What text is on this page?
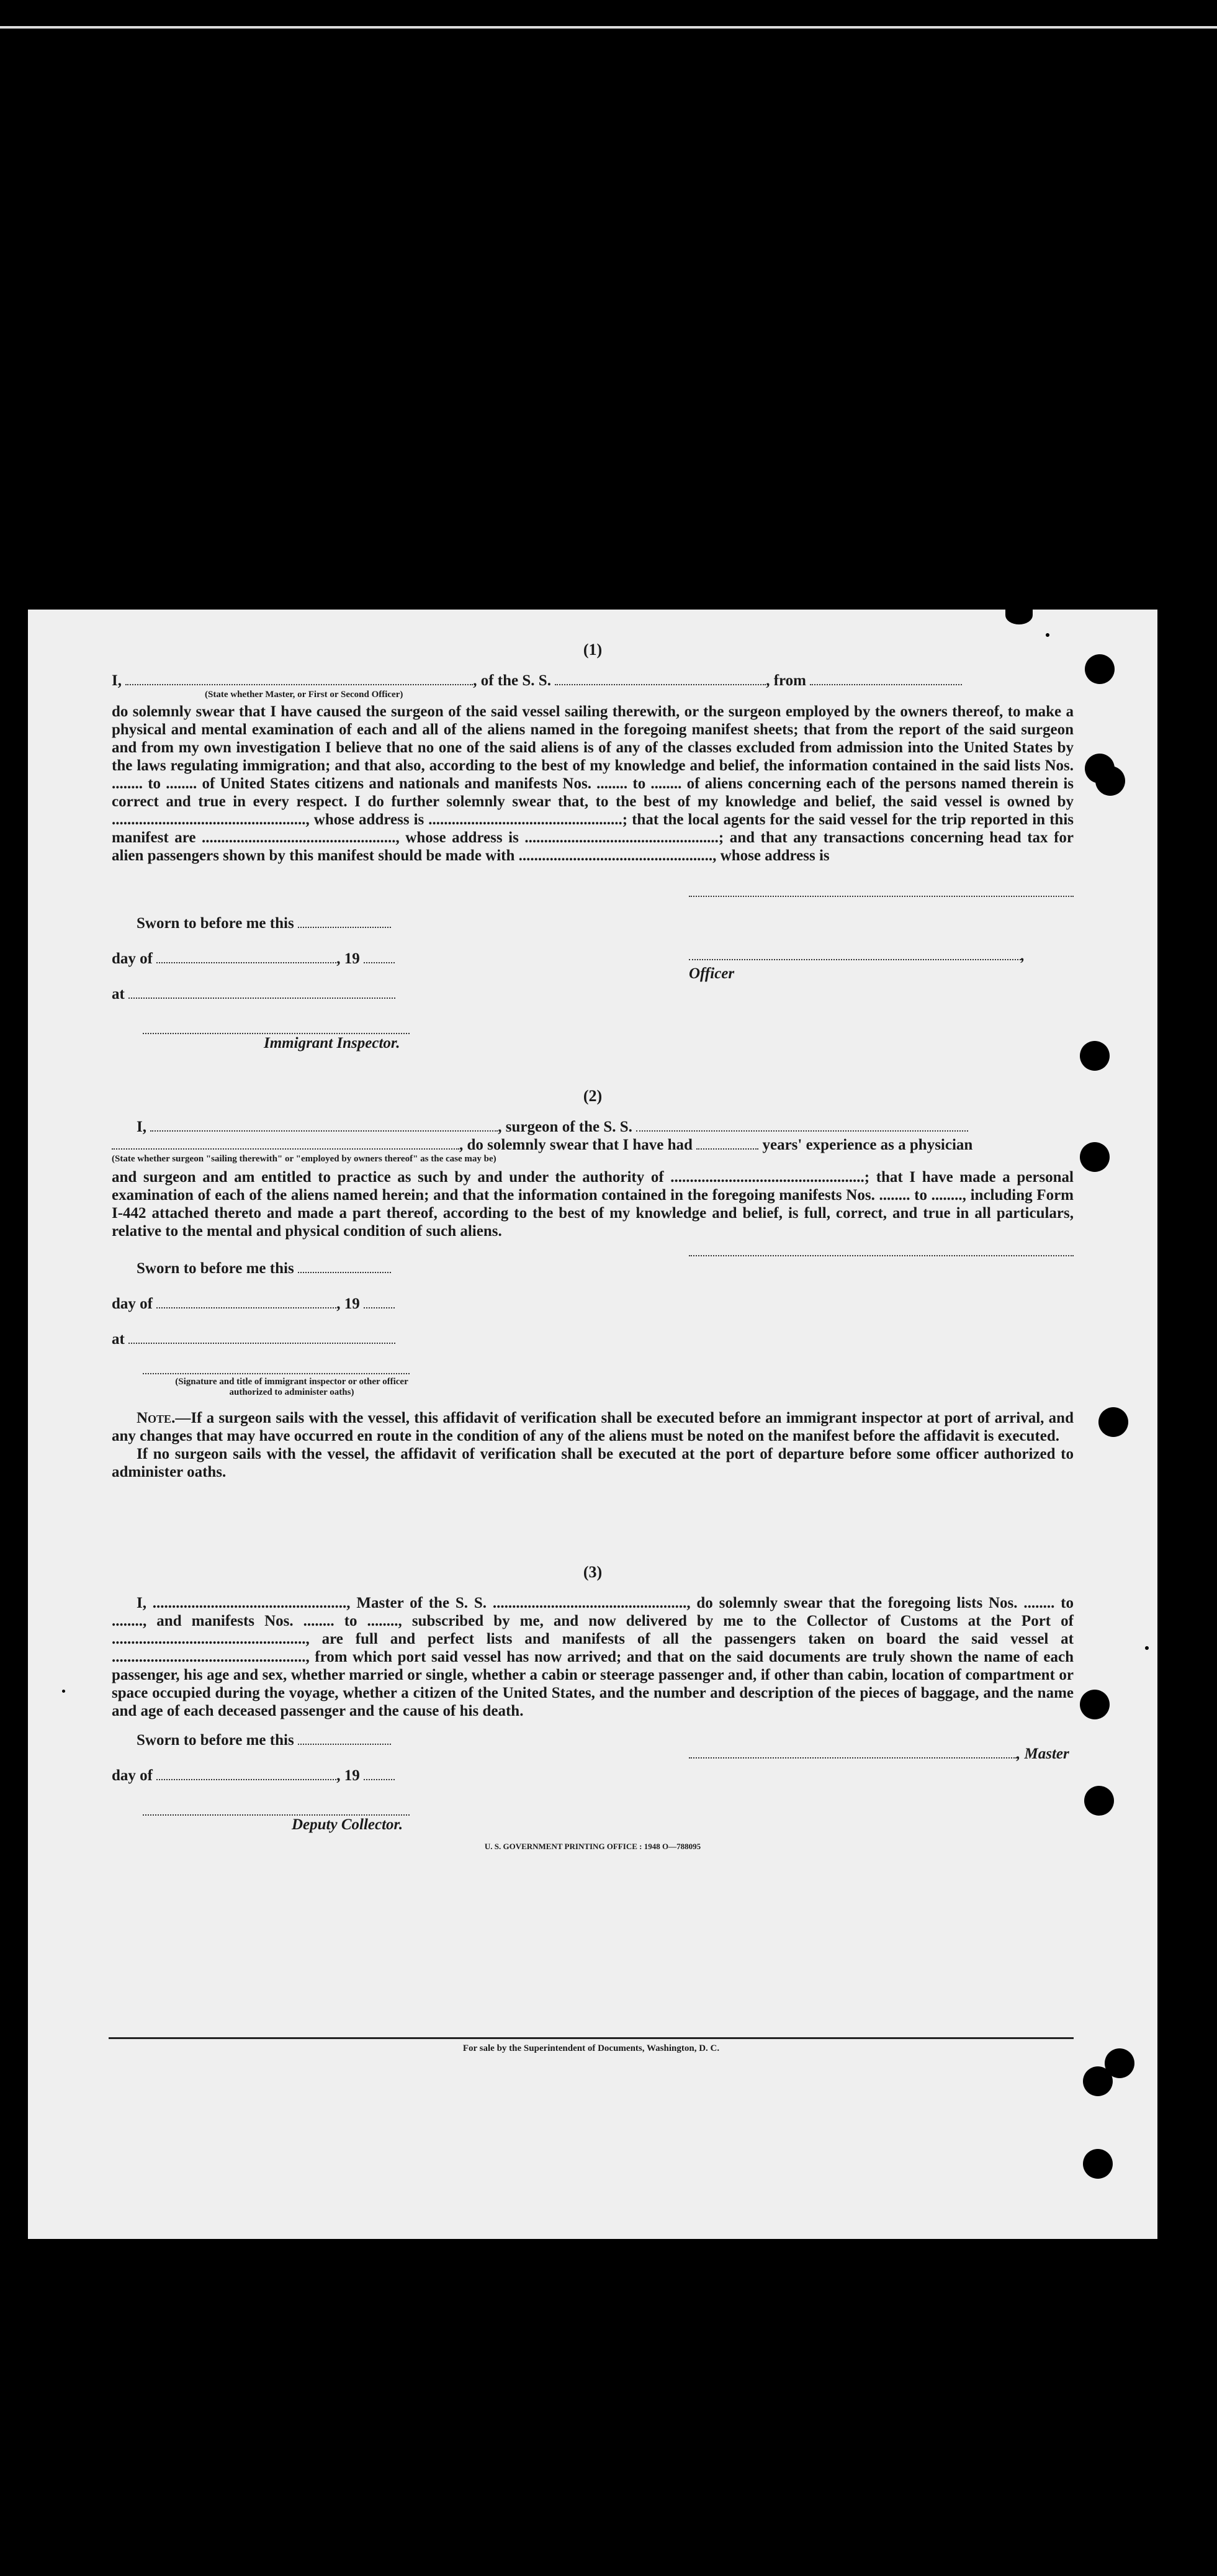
(1)

I,	, of the S. S.	, from

(State whether Master, or First or Second Officer)

do solemnly swear that I have caused the surgeon of the said vessel sailing therewith, or the surgeon employed by the owners thereof, to make a physical and mental examination of each and all of the aliens named in the foregoing manifest sheets; that from the report of the said surgeon and from my own investigation I believe that no one of the said aliens is of any of the classes excluded from admission into the United States by the laws regulating immigration; and that also, according to the best of my knowledge and belief, the information contained in the said lists Nos. ........ to ........ of United States citizens and nationals and manifests Nos. ........ to ........ of aliens concerning each of the persons named therein is correct and true in every respect. I do further solemnly swear that, to the best of my knowledge and belief, the said vessel is owned by .................................................., whose address is ..................................................; that the local agents for the said vessel for the trip reported in this manifest are .................................................., whose address is ..................................................; and that any transactions concerning head tax for alien passengers shown by this manifest should be made with .................................................., whose address is

Sworn to before me this

day of	, 19

at

Immigrant Inspector.

, Officer

(2)

I,	, surgeon of the S. S.

, do solemnly swear that I have had	years' experience as a physician

(State whether surgeon "sailing therewith" or "employed by owners thereof" as the case may be)

and surgeon and am entitled to practice as such by and under the authority of ..................................................; that I have made a personal examination of each of the aliens named herein; and that the information contained in the foregoing manifests Nos. ........ to ........, including Form I-442 attached thereto and made a part thereof, according to the best of my knowledge and belief, is full, correct, and true in all particulars, relative to the mental and physical condition of such aliens.

Sworn to before me this

day of	, 19

at

(Signature and title of immigrant inspector or other officer authorized to administer oaths)

Note.—If a surgeon sails with the vessel, this affidavit of verification shall be executed before an immigrant inspector at port of arrival, and any changes that may have occurred en route in the condition of any of the aliens must be noted on the manifest before the affidavit is executed.

If no surgeon sails with the vessel, the affidavit of verification shall be executed at the port of departure before some officer authorized to administer oaths.

(3)

I, .................................................., Master of the S. S. .................................................., do solemnly swear that the foregoing lists Nos. ........ to ........, and manifests Nos. ........ to ........, subscribed by me, and now delivered by me to the Collector of Customs at the Port of .................................................., are full and perfect lists and manifests of all the passengers taken on board the said vessel at .................................................., from which port said vessel has now arrived; and that on the said documents are truly shown the name of each passenger, his age and sex, whether married or single, whether a cabin or steerage passenger and, if other than cabin, location of compartment or space occupied during the voyage, whether a citizen of the United States, and the number and description of the pieces of baggage, and the name and age of each deceased passenger and the cause of his death.

Sworn to before me this

day of	, 19

Deputy Collector.

, Master

U. S. GOVERNMENT PRINTING OFFICE : 1948 O—788095
For sale by the Superintendent of Documents, Washington, D. C.
